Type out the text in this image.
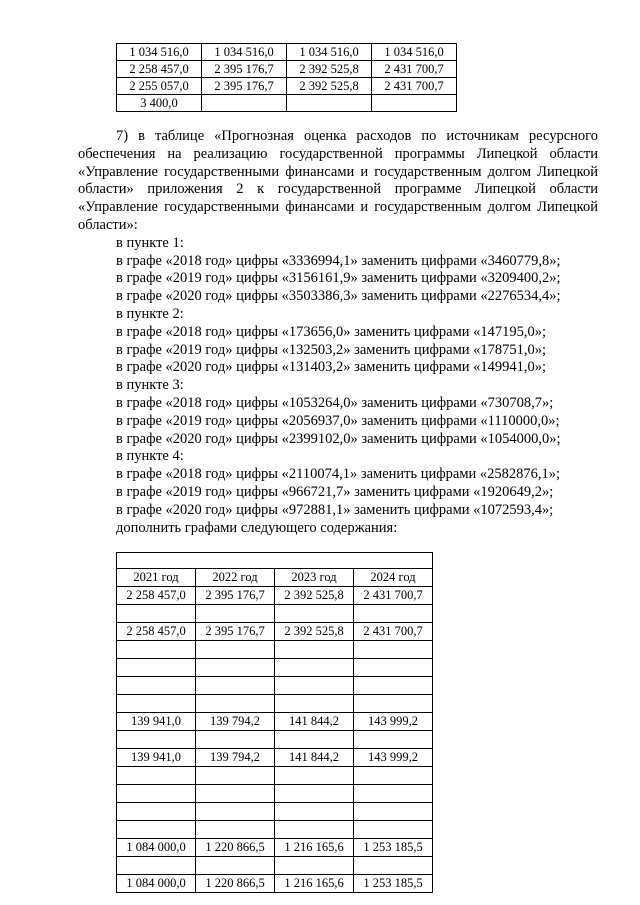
1 034 516,0	1 034 516,0	1 034 516,0	1 034 516,0
2 258 457,0	2 395 176,7	2 392 525,8	2 431 700,7
2 255 057,0	2 395 176,7	2 392 525,8	2 431 700,7
3 400,0			

7) в таблице «Прогнозная оценка расходов по источникам ресурсного обеспечения на реализацию государственной программы Липецкой области «Управление государственными финансами и государственным долгом Липецкой области» приложения 2 к государственной программе Липецкой области «Управление государственными финансами и государственным долгом Липецкой области»:

в пункте 1:

в графе «2018 год» цифры «3336994,1» заменить цифрами «3460779,8»;

в графе «2019 год» цифры «3156161,9» заменить цифрами «3209400,2»;

в графе «2020 год» цифры «3503386,3» заменить цифрами «2276534,4»;

в пункте 2:

в графе «2018 год» цифры «173656,0» заменить цифрами «147195,0»;

в графе «2019 год» цифры «132503,2» заменить цифрами «178751,0»;

в графе «2020 год» цифры «131403,2» заменить цифрами «149941,0»;

в пункте 3:

в графе «2018 год» цифры «1053264,0» заменить цифрами «730708,7»;

в графе «2019 год» цифры «2056937,0» заменить цифрами «1110000,0»;

в графе «2020 год» цифры «2399102,0» заменить цифрами «1054000,0»;

в пункте 4:

в графе «2018 год» цифры «2110074,1» заменить цифрами «2582876,1»;

в графе «2019 год» цифры «966721,7» заменить цифрами «1920649,2»;

в графе «2020 год» цифры «972881,1» заменить цифрами «1072593,4»;

дополнить графами следующего содержания:

2021 год	2022 год	2023 год	2024 год
2 258 457,0	2 395 176,7	2 392 525,8	2 431 700,7

2 258 457,0	2 395 176,7	2 392 525,8	2 431 700,7

139 941,0	139 794,2	141 844,2	143 999,2

139 941,0	139 794,2	141 844,2	143 999,2

1 084 000,0	1 220 866,5	1 216 165,6	1 253 185,5

1 084 000,0	1 220 866,5	1 216 165,6	1 253 185,5
